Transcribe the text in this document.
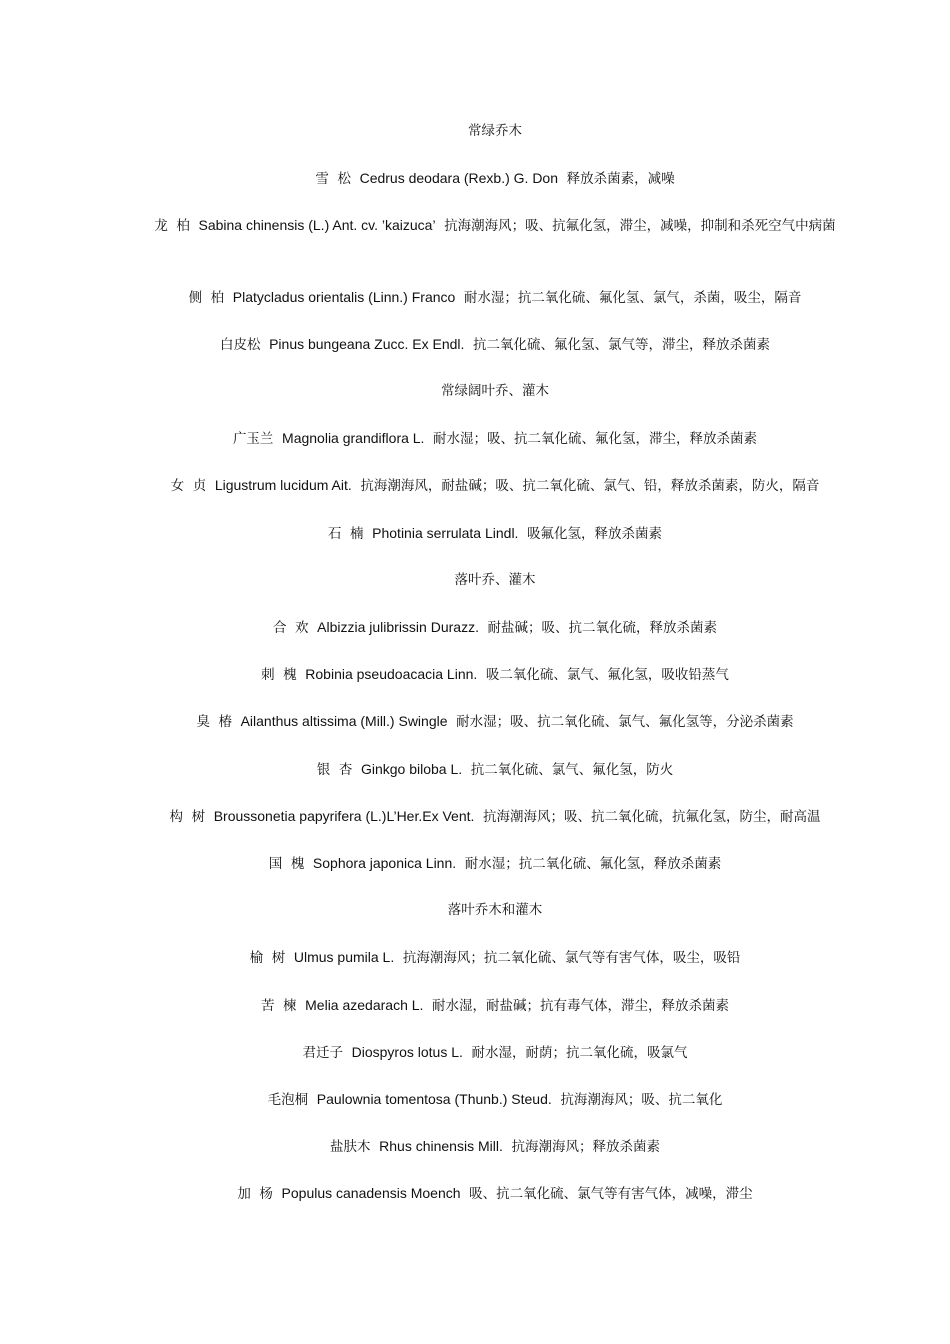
常绿乔木
雪  松 Cedrus deodara (Rexb.) G. Don 释放杀菌素，减噪
龙  柏 Sabina chinensis (L.) Ant. cv. ’kaizuca’ 抗海潮海风；吸、抗氟化氢，滞尘，减噪，抑制和杀死空气中病菌
侧  柏 Platycladus orientalis (Linn.) Franco 耐水湿；抗二氧化硫、氟化氢、氯气，杀菌，吸尘，隔音
白皮松 Pinus bungeana Zucc. Ex Endl. 抗二氧化硫、氟化氢、氯气等，滞尘，释放杀菌素
常绿阔叶乔、灌木
广玉兰 Magnolia grandiflora L. 耐水湿；吸、抗二氧化硫、氟化氢，滞尘，释放杀菌素
女  贞 Ligustrum lucidum Ait. 抗海潮海风，耐盐碱；吸、抗二氧化硫、氯气、铅，释放杀菌素，防火，隔音
石  楠 Photinia serrulata Lindl. 吸氟化氢，释放杀菌素
落叶乔、灌木
合  欢 Albizzia julibrissin Durazz. 耐盐碱；吸、抗二氧化硫，释放杀菌素
刺  槐 Robinia pseudoacacia Linn. 吸二氧化硫、氯气、氟化氢，吸收铅蒸气
臭  椿 Ailanthus altissima (Mill.) Swingle 耐水湿；吸、抗二氧化硫、氯气、氟化氢等，分泌杀菌素
银  杏 Ginkgo biloba L. 抗二氧化硫、氯气、氟化氢，防火
构  树 Broussonetia papyrifera (L.)L’Her.Ex Vent. 抗海潮海风；吸、抗二氧化硫，抗氟化氢，防尘，耐高温
国  槐 Sophora japonica Linn. 耐水湿；抗二氧化硫、氟化氢，释放杀菌素
落叶乔木和灌木
榆  树 Ulmus pumila L. 抗海潮海风；抗二氧化硫、氯气等有害气体，吸尘，吸铅
苦  楝 Melia azedarach L. 耐水湿，耐盐碱；抗有毒气体，滞尘，释放杀菌素
君迁子 Diospyros lotus L. 耐水湿，耐荫；抗二氧化硫，吸氯气
毛泡桐 Paulownia tomentosa (Thunb.) Steud. 抗海潮海风；吸、抗二氧化
盐肤木 Rhus chinensis Mill. 抗海潮海风；释放杀菌素
加  杨 Populus canadensis Moench 吸、抗二氧化硫、氯气等有害气体，减噪，滞尘
